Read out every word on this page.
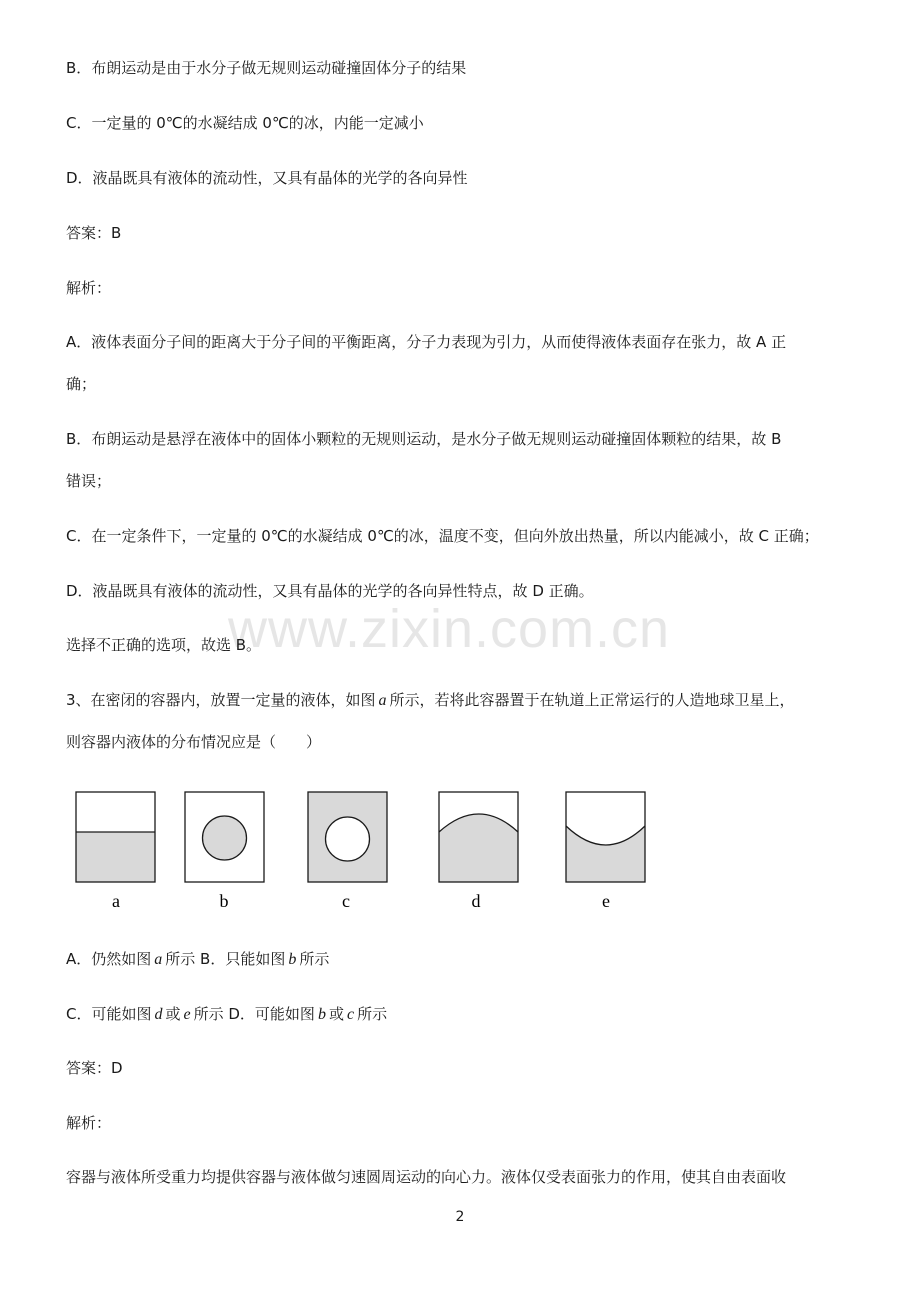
www.zixin.com.cn
B．布朗运动是由于水分子做无规则运动碰撞固体分子的结果
C．一定量的 0℃的水凝结成 0℃的冰，内能一定减小
D．液晶既具有液体的流动性，又具有晶体的光学的各向异性
答案：B
解析：
A．液体表面分子间的距离大于分子间的平衡距离，分子力表现为引力，从而使得液体表面存在张力，故 A 正
确；
B．布朗运动是悬浮在液体中的固体小颗粒的无规则运动，是水分子做无规则运动碰撞固体颗粒的结果，故 B
错误；
C．在一定条件下，一定量的 0℃的水凝结成 0℃的冰，温度不变，但向外放出热量，所以内能减小，故 C 正确；
D．液晶既具有液体的流动性，又具有晶体的光学的各向异性特点，故 D 正确。
选择不正确的选项，故选 B。
3、在密闭的容器内，放置一定量的液体，如图 a 所示，若将此容器置于在轨道上正常运行的人造地球卫星上，
则容器内液体的分布情况应是（　　）
a	b	c	d	e
A．仍然如图 a 所示 B．只能如图 b 所示
C．可能如图 d 或 e 所示 D．可能如图 b 或 c 所示
答案：D
解析：
容器与液体所受重力均提供容器与液体做匀速圆周运动的向心力。液体仅受表面张力的作用，使其自由表面收
2
